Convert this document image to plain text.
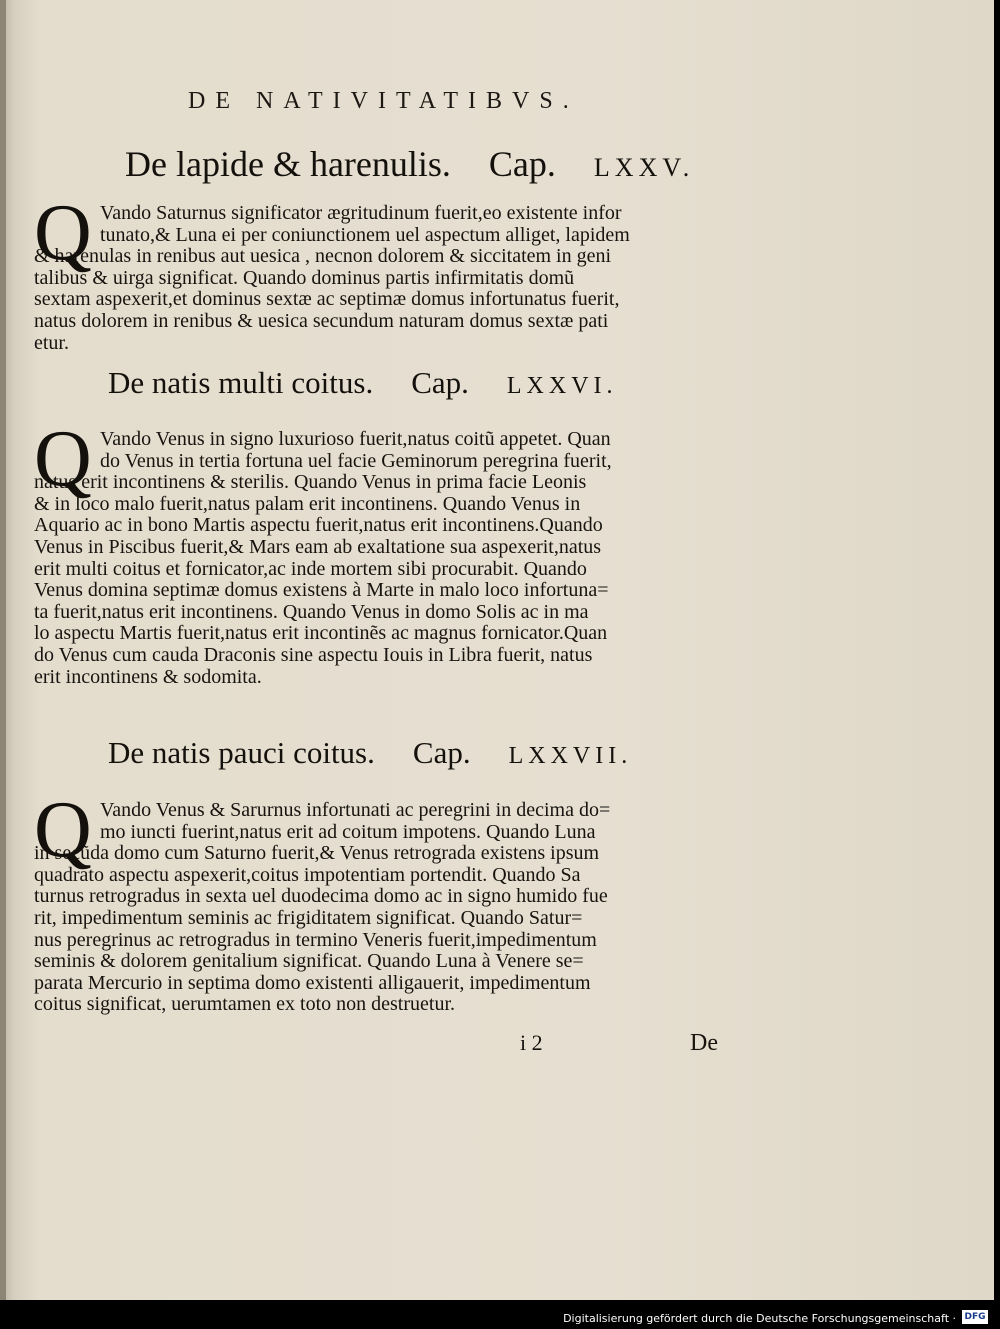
DE NATIVITATIBVS.
De lapide & harenulis. Cap. LXXV.
Q Vando Saturnus significator ægritudinum fuerit,eo existente infor
tunato,& Luna ei per coniunctionem uel aspectum alliget, lapidem
& harenulas in renibus aut uesica , necnon dolorem & siccitatem in geni
talibus & uirga significat. Quando dominus partis infirmitatis domũ
sextam aspexerit,et dominus sextæ ac septimæ domus infortunatus fuerit,
natus dolorem in renibus & uesica secundum naturam domus sextæ pati
etur.
De natis multi coitus. Cap. LXXVI.
Q Vando Venus in signo luxurioso fuerit,natus coitũ appetet. Quan
do Venus in tertia fortuna uel facie Geminorum peregrina fuerit,
natus erit incontinens & sterilis. Quando Venus in prima facie Leonis
& in loco malo fuerit,natus palam erit incontinens. Quando Venus in
Aquario ac in bono Martis aspectu fuerit,natus erit incontinens.Quando
Venus in Piscibus fuerit,& Mars eam ab exaltatione sua aspexerit,natus
erit multi coitus et fornicator,ac inde mortem sibi procurabit. Quando
Venus domina septimæ domus existens à Marte in malo loco infortuna=
ta fuerit,natus erit incontinens. Quando Venus in domo Solis ac in ma
lo aspectu Martis fuerit,natus erit incontinẽs ac magnus fornicator.Quan
do Venus cum cauda Draconis sine aspectu Iouis in Libra fuerit, natus
erit incontinens & sodomita.
De natis pauci coitus. Cap. LXXVII.
Q Vando Venus & Sarurnus infortunati ac peregrini in decima do=
mo iuncti fuerint,natus erit ad coitum impotens. Quando Luna
in secũda domo cum Saturno fuerit,& Venus retrograda existens ipsum
quadrato aspectu aspexerit,coitus impotentiam portendit. Quando Sa
turnus retrogradus in sexta uel duodecima domo ac in signo humido fue
rit, impedimentum seminis ac frigiditatem significat. Quando Satur=
nus peregrinus ac retrogradus in termino Veneris fuerit,impedimentum
seminis & dolorem genitalium significat. Quando Luna à Venere se=
parata Mercurio in septima domo existenti alligauerit, impedimentum
coitus significat, uerumtamen ex toto non destruetur.
i 2	De
Digitalisierung gefördert durch die Deutsche Forschungsgemeinschaft · DFG
